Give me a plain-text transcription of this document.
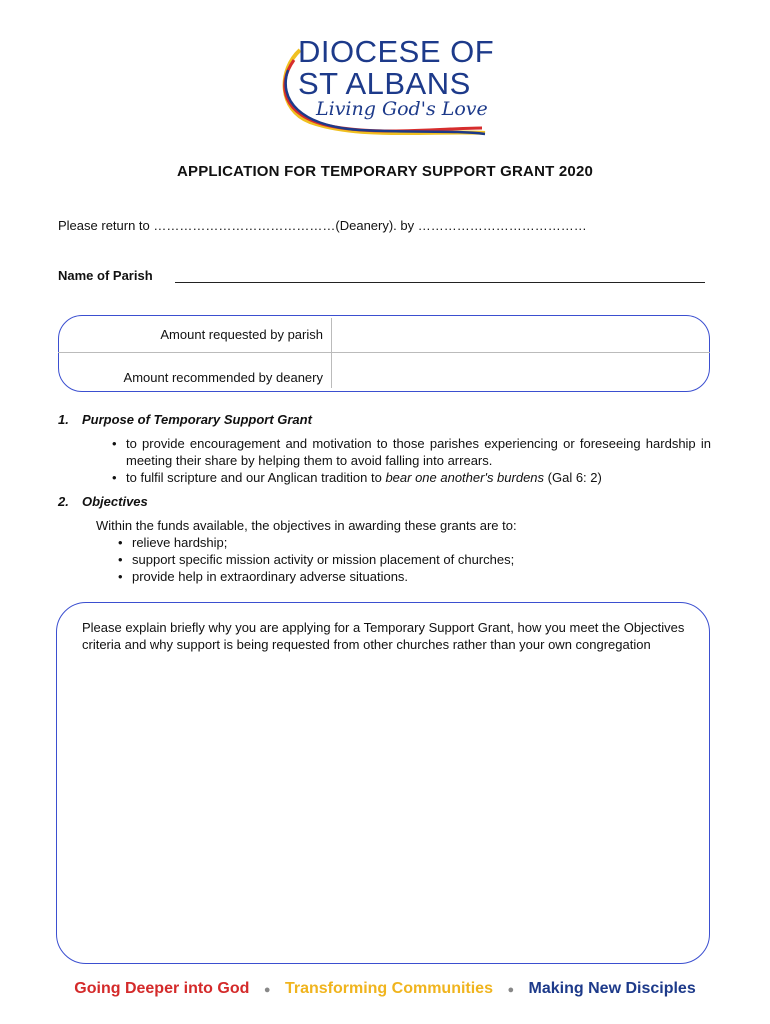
DIOCESE OF
ST ALBANS
Living God's Love
APPLICATION FOR TEMPORARY SUPPORT GRANT 2020
Please return to ……………………………………(Deanery). by …………………………………
Name of Parish
Amount requested by parish
Amount recommended by deanery
1. Purpose of Temporary Support Grant
• to provide encouragement and motivation to those parishes experiencing or foreseeing hardship in meeting their share by helping them to avoid falling into arrears.
• to fulfil scripture and our Anglican tradition to bear one another's burdens (Gal 6: 2)
2. Objectives
Within the funds available, the objectives in awarding these grants are to:
• relieve hardship;
• support specific mission activity or mission placement of churches;
• provide help in extraordinary adverse situations.
Please explain briefly why you are applying for a Temporary Support Grant, how you meet the Objectives criteria and why support is being requested from other churches rather than your own congregation
Going Deeper into God ● Transforming Communities ● Making New Disciples
